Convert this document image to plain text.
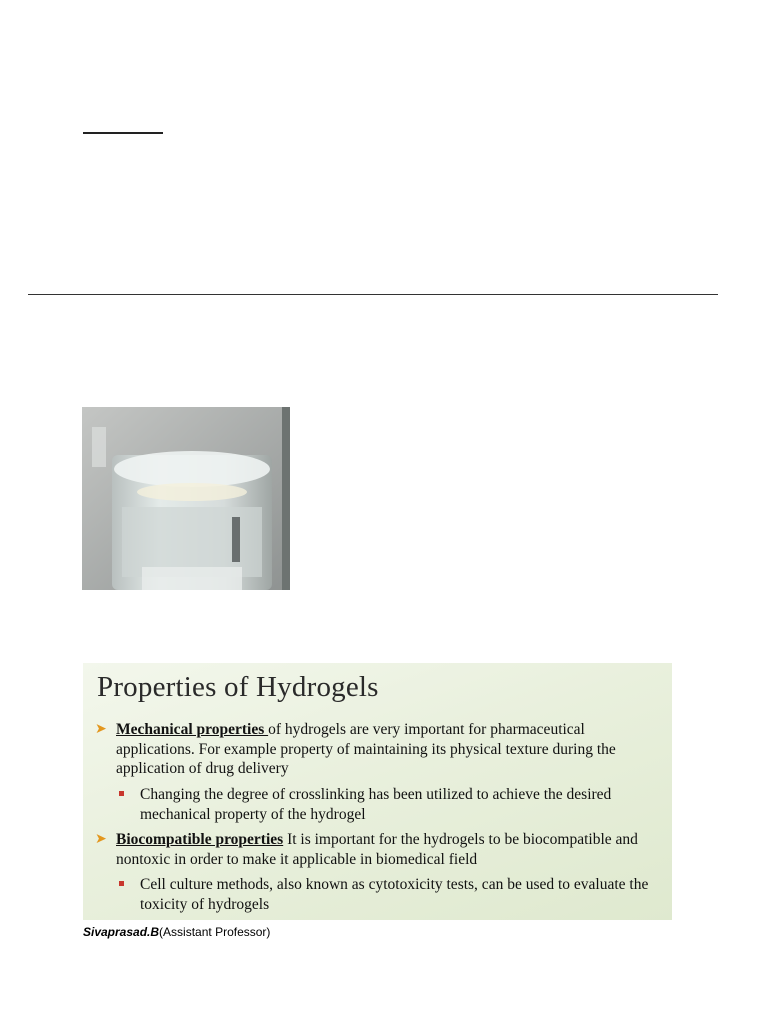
Properties of Hydrogels
➤ Mechanical properties of hydrogels are very important for pharmaceutical applications. For example property of maintaining its physical texture during the application of drug delivery
Changing the degree of crosslinking has been utilized to achieve the desired mechanical property of the hydrogel
➤ Biocompatible properties It is important for the hydrogels to be biocompatible and nontoxic in order to make it applicable in biomedical field
Cell culture methods, also known as cytotoxicity tests, can be used to evaluate the toxicity of hydrogels
Sivaprasad.B(Assistant Professor)
